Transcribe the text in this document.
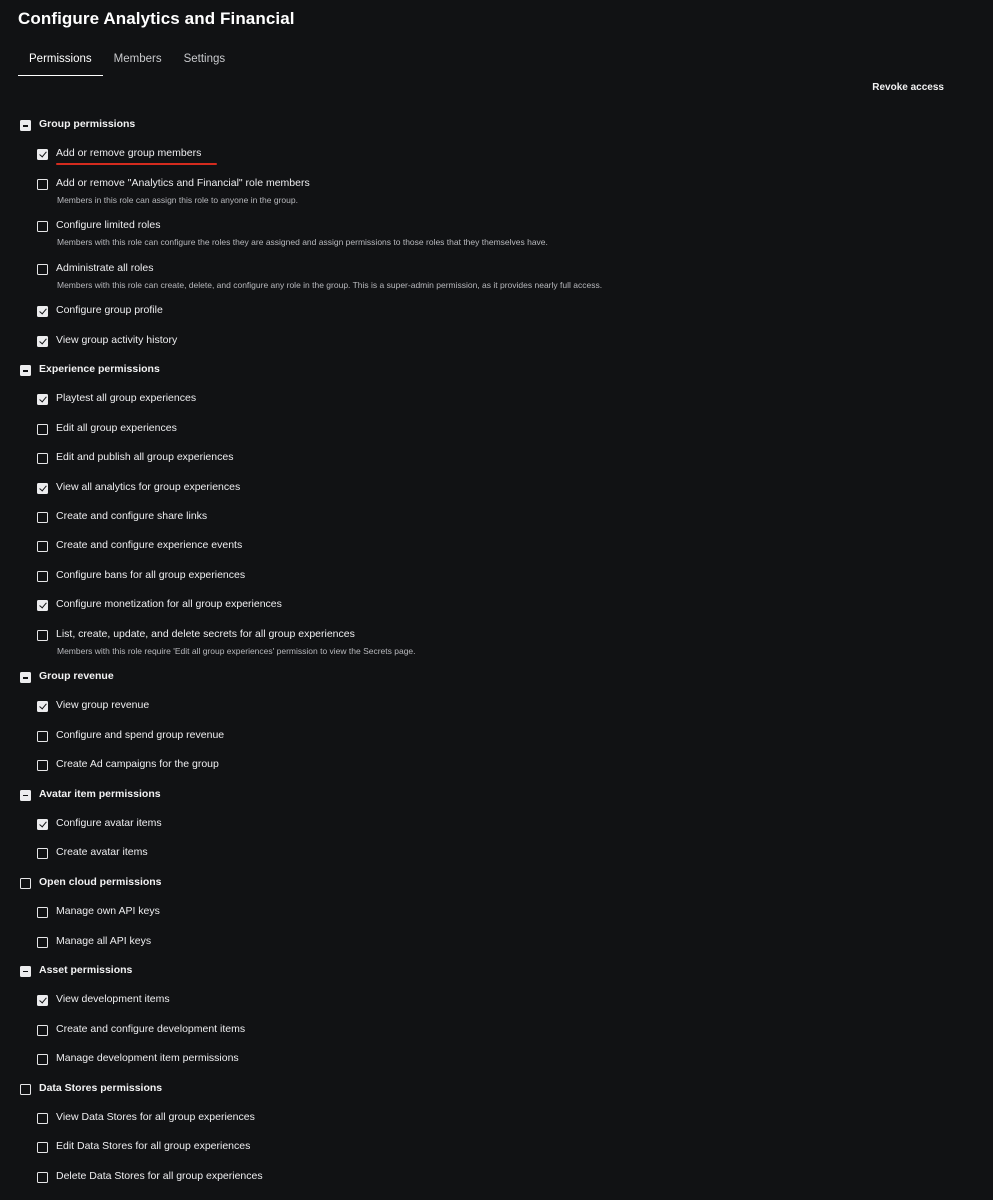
Configure Analytics and Financial
Permissions	Members	Settings
Revoke access
Group permissions
Add or remove group members
Add or remove "Analytics and Financial" role members
Members in this role can assign this role to anyone in the group.
Configure limited roles
Members with this role can configure the roles they are assigned and assign permissions to those roles that they themselves have.
Administrate all roles
Members with this role can create, delete, and configure any role in the group. This is a super-admin permission, as it provides nearly full access.
Configure group profile
View group activity history
Experience permissions
Playtest all group experiences
Edit all group experiences
Edit and publish all group experiences
View all analytics for group experiences
Create and configure share links
Create and configure experience events
Configure bans for all group experiences
Configure monetization for all group experiences
List, create, update, and delete secrets for all group experiences
Members with this role require 'Edit all group experiences' permission to view the Secrets page.
Group revenue
View group revenue
Configure and spend group revenue
Create Ad campaigns for the group
Avatar item permissions
Configure avatar items
Create avatar items
Open cloud permissions
Manage own API keys
Manage all API keys
Asset permissions
View development items
Create and configure development items
Manage development item permissions
Data Stores permissions
View Data Stores for all group experiences
Edit Data Stores for all group experiences
Delete Data Stores for all group experiences
